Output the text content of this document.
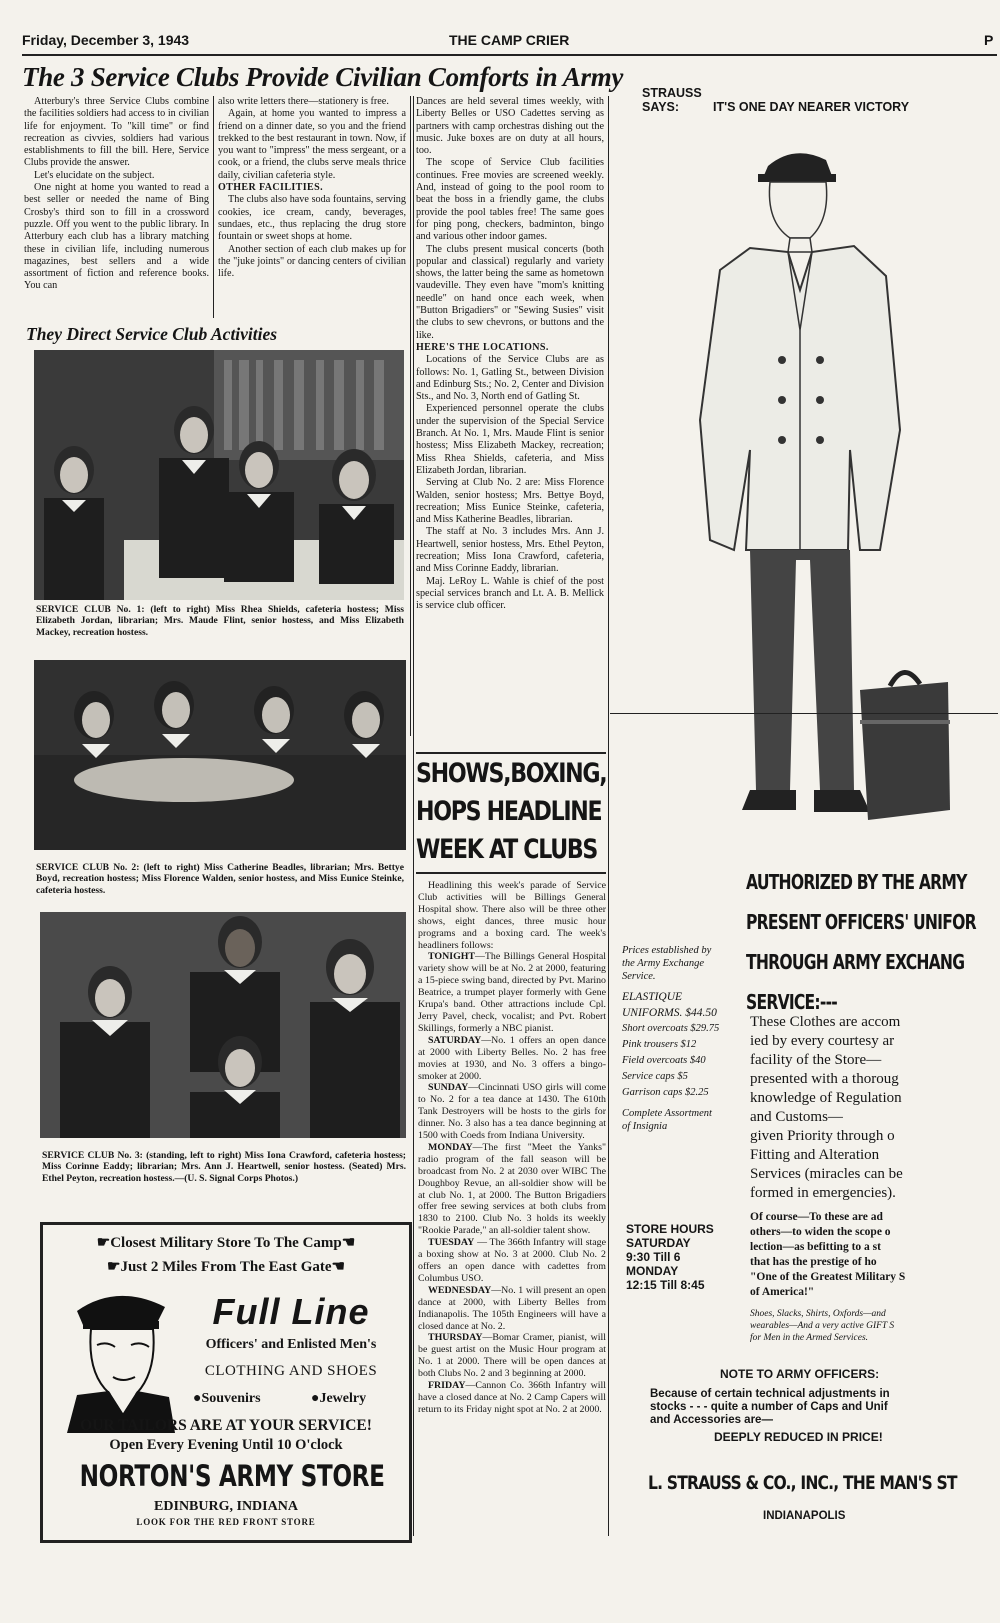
Friday, December 3, 1943	THE CAMP CRIER	P
The 3 Service Clubs Provide Civilian Comforts in Army

Atterbury's three Service Clubs combine the facilities soldiers had access to in civilian life for enjoyment. To "kill time" or find recreation as civvies, soldiers had various establishments to fill the bill. Here, Service Clubs provide the answer.

Let's elucidate on the subject.

One night at home you wanted to read a best seller or needed the name of Bing Crosby's third son to fill in a crossword puzzle. Off you went to the public library. In Atterbury each club has a library matching these in civilian life, including numerous magazines, best sellers and a wide assortment of fiction and reference books. You can

also write letters there—stationery is free.

Again, at home you wanted to impress a friend on a dinner date, so you and the friend trekked to the best restaurant in town. Now, if you want to "impress" the mess sergeant, or a cook, or a friend, the clubs serve meals thrice daily, civilian cafeteria style.

OTHER FACILITIES.

The clubs also have soda fountains, serving cookies, ice cream, candy, beverages, sundaes, etc., thus replacing the drug store fountain or sweet shops at home.

Another section of each club makes up for the "juke joints" or dancing centers of civilian life.

They Direct Service Club Activities
SERVICE CLUB No. 1: (left to right) Miss Rhea Shields, cafeteria hostess; Miss Elizabeth Jordan, librarian; Mrs. Maude Flint, senior hostess, and Miss Elizabeth Mackey, recreation hostess.
SERVICE CLUB No. 2: (left to right) Miss Catherine Beadles, librarian; Mrs. Bettye Boyd, recreation hostess; Miss Florence Walden, senior hostess, and Miss Eunice Steinke, cafeteria hostess.
SERVICE CLUB No. 3: (standing, left to right) Miss Iona Crawford, cafeteria hostess; Miss Corinne Eaddy; librarian; Mrs. Ann J. Heartwell, senior hostess. (Seated) Mrs. Ethel Peyton, recreation hostess.—(U. S. Signal Corps Photos.)

Dances are held several times weekly, with Liberty Belles or USO Cadettes serving as partners with camp orchestras dishing out the music. Juke boxes are on duty at all hours, too.

The scope of Service Club facilities continues. Free movies are screened weekly. And, instead of going to the pool room to beat the boss in a friendly game, the clubs provide the pool tables free! The same goes for ping pong, checkers, badminton, bingo and various other indoor games.

The clubs present musical concerts (both popular and classical) regularly and variety shows, the latter being the same as hometown vaudeville. They even have "mom's knitting needle" on hand once each week, when "Button Brigadiers" or "Sewing Susies" visit the clubs to sew chevrons, or buttons and the like.

HERE'S THE LOCATIONS.

Locations of the Service Clubs are as follows: No. 1, Gatling St., between Division and Edinburg Sts.; No. 2, Center and Division Sts., and No. 3, North end of Gatling St.

Experienced personnel operate the clubs under the supervision of the Special Service Branch. At No. 1, Mrs. Maude Flint is senior hostess; Miss Elizabeth Mackey, recreation; Miss Rhea Shields, cafeteria, and Miss Elizabeth Jordan, librarian.

Serving at Club No. 2 are: Miss Florence Walden, senior hostess; Mrs. Bettye Boyd, recreation; Miss Eunice Steinke, cafeteria, and Miss Katherine Beadles, librarian.

The staff at No. 3 includes Mrs. Ann J. Heartwell, senior hostess, Mrs. Ethel Peyton, recreation; Miss Iona Crawford, cafeteria, and Miss Corinne Eaddy, librarian.

Maj. LeRoy L. Wahle is chief of the post special services branch and Lt. A. B. Mellick is service club officer.

SHOWS,BOXING,
HOPS HEADLINE
WEEK AT CLUBS

Headlining this week's parade of Service Club activities will be Billings General Hospital show. There also will be three other shows, eight dances, three music hour programs and a boxing card. The week's headliners follows:

TONIGHT—The Billings General Hospital variety show will be at No. 2 at 2000, featuring a 15-piece swing band, directed by Pvt. Marino Beatrice, a trumpet player formerly with Gene Krupa's band. Other attractions include Cpl. Jerry Pavel, check, vocalist; and Pvt. Robert Skillings, formerly a NBC pianist.

SATURDAY—No. 1 offers an open dance at 2000 with Liberty Belles. No. 2 has free movies at 1930, and No. 3 offers a bingo-smoker at 2000.

SUNDAY—Cincinnati USO girls will come to No. 2 for a tea dance at 1430. The 610th Tank Destroyers will be hosts to the girls for dinner. No. 3 also has a tea dance beginning at 1500 with Coeds from Indiana University.

MONDAY—The first "Meet the Yanks" radio program of the fall season will be broadcast from No. 2 at 2030 over WIBC The Doughboy Revue, an all-soldier show will be at club No. 1, at 2000. The Button Brigadiers offer free sewing services at both clubs from 1830 to 2100. Club No. 3 holds its weekly "Rookie Parade," an all-soldier talent show.

TUESDAY — The 366th Infantry will stage a boxing show at No. 3 at 2000. Club No. 2 offers an open dance with cadettes from Columbus USO.

WEDNESDAY—No. 1 will present an open dance at 2000, with Liberty Belles from Indianapolis. The 105th Engineers will have a closed dance at No. 2.

THURSDAY—Bomar Cramer, pianist, will be guest artist on the Music Hour program at No. 1 at 2000. There will be open dances at both Clubs No. 2 and 3 beginning at 2000.

FRIDAY—Cannon Co. 366th Infantry will have a closed dance at No. 2 Camp Capers will return to its Friday night spot at No. 2 at 2000.

☛Closest Military Store To The Camp☚
☛Just 2 Miles From The East Gate☚
Full Line
Officers' and Enlisted Men's
CLOTHING AND SHOES
●Souvenirs	●Jewelry
OUR TAILORS ARE AT YOUR SERVICE!
Open Every Evening Until 10 O'clock
NORTON'S ARMY STORE
EDINBURG, INDIANA
LOOK FOR THE RED FRONT STORE
STRAUSS
SAYS:	IT'S ONE DAY NEARER VICTORY
AUTHORIZED BY THE ARMY
PRESENT OFFICERS' UNIFOR
THROUGH ARMY EXCHANG
SERVICE:---
Prices established by
the Army Exchange
Service.
ELASTIQUE
UNIFORMS. $44.50
Short overcoats $29.75
Pink trousers $12
Field overcoats $40
Service caps $5
Garrison caps $2.25
Complete Assortment
of Insignia
These Clothes are accom
ied by every courtesy ar
facility of the Store—
presented with a thoroug
knowledge of Regulation
and Customs—
given Priority through o
Fitting and Alteration
Services (miracles can be
formed in emergencies).
STORE HOURS
SATURDAY
9:30 Till 6
MONDAY
12:15 Till 8:45
Of course—To these are ad
others—to widen the scope o
lection—as befitting to a st
that has the prestige of ho
"One of the Greatest Military S
of America!"
Shoes, Slacks, Shirts, Oxfords—and
wearables—And a very active GIFT S
for Men in the Armed Services.
NOTE TO ARMY OFFICERS:
Because of certain technical adjustments in
stocks - - - quite a number of Caps and Unif
and Accessories are—
DEEPLY REDUCED IN PRICE!
L. STRAUSS & CO., INC., THE MAN'S ST
INDIANAPOLIS
